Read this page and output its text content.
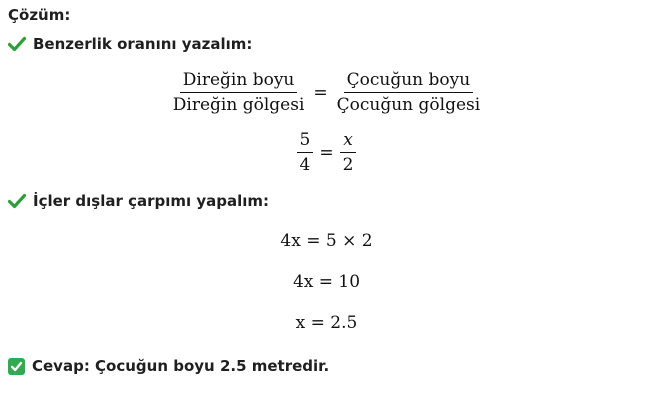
Çözüm:
Benzerlik oranını yazalım:
$\frac{\text{Direğin boyu}}{\text{Direğin gölgesi}} = \frac{\text{Çocuğun boyu}}{\text{Çocuğun gölgesi}}$
$\frac{5}{4} = \frac{x}{2}$
İçler dışlar çarpımı yapalım:
4x = 5 × 2
4x = 10
x = 2.5
Cevap: Çocuğun boyu 2.5 metredir.
